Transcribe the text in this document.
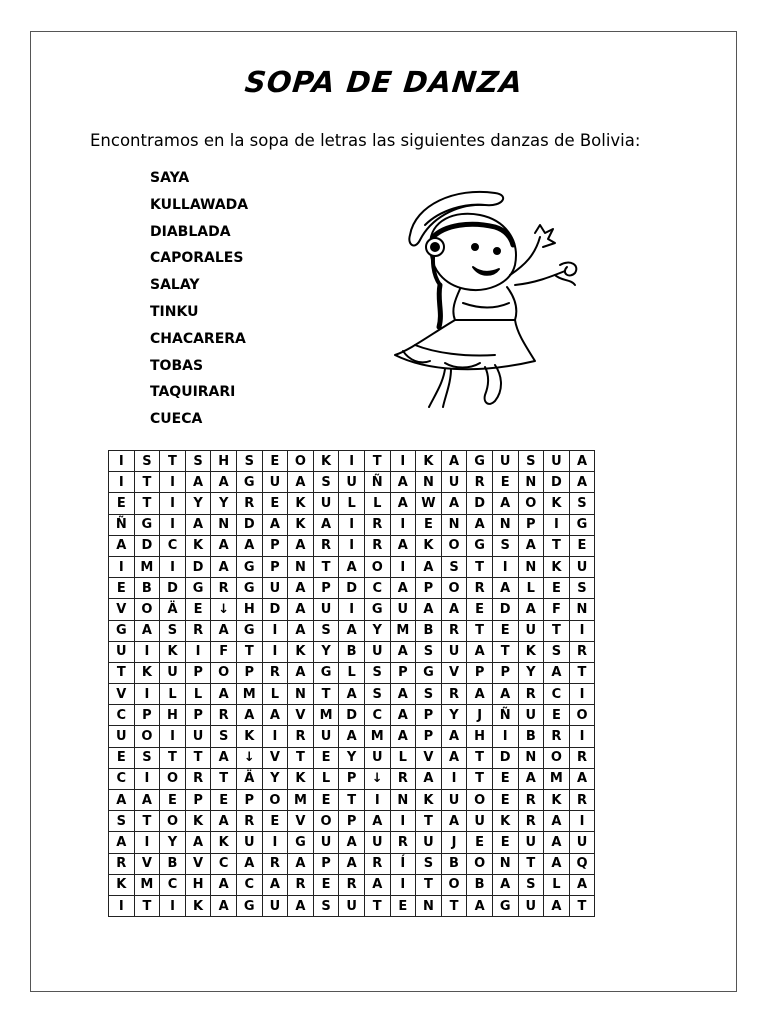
SOPA DE DANZA
Encontramos en la sopa de letras las siguientes danzas de Bolivia:
SAYA
KULLAWADA
DIABLADA
CAPORALES
SALAY
TINKU
CHACARERA
TOBAS
TAQUIRARI
CUECA
I	S	T	S	H	S	E	O	K	I	T	I	K	A	G	U	S	U	A
I	T	I	A	A	G	U	A	S	U	Ñ	A	N	U	R	E	N	D	A
E	T	I	Y	Y	R	E	K	U	L	L	A	W	A	D	A	O	K	S
Ñ	G	I	A	N	D	A	K	A	I	R	I	E	N	A	N	P	I	G
A	D	C	K	A	A	P	A	R	I	R	A	K	O	G	S	A	T	E
I	M	I	D	A	G	P	N	T	A	O	I	A	S	T	I	N	K	U
E	B	D	G	R	G	U	A	P	D	C	A	P	O	R	A	L	E	S
V	O	Ä	E	↓	H	D	A	U	I	G	U	A	A	E	D	A	F	N
G	A	S	R	A	G	I	A	S	A	Y	M	B	R	T	E	U	T	I
U	I	K	I	F	T	I	K	Y	B	U	A	S	U	A	T	K	S	R
T	K	U	P	O	P	R	A	G	L	S	P	G	V	P	P	Y	A	T
V	I	L	L	A	M	L	N	T	A	S	A	S	R	A	A	R	C	I
C	P	H	P	R	A	A	V	M	D	C	A	P	Y	J	Ñ	U	E	O
U	O	I	U	S	K	I	R	U	A	M	A	P	A	H	I	B	R	I
E	S	T	T	A	↓	V	T	E	Y	U	L	V	A	T	D	N	O	R
C	I	O	R	T	Ä	Y	K	L	P	↓	R	A	I	T	E	A	M	A
A	A	E	P	E	P	O	M	E	T	I	N	K	U	O	E	R	K	R
S	T	O	K	A	R	E	V	O	P	A	I	T	A	U	K	R	A	I
A	I	Y	A	K	U	I	G	U	A	U	R	U	J	E	E	U	A	U
R	V	B	V	C	A	R	A	P	A	R	Í	S	B	O	N	T	A	Q
K	M	C	H	A	C	A	R	E	R	A	I	T	O	B	A	S	L	A
I	T	I	K	A	G	U	A	S	U	T	E	N	T	A	G	U	A	T
